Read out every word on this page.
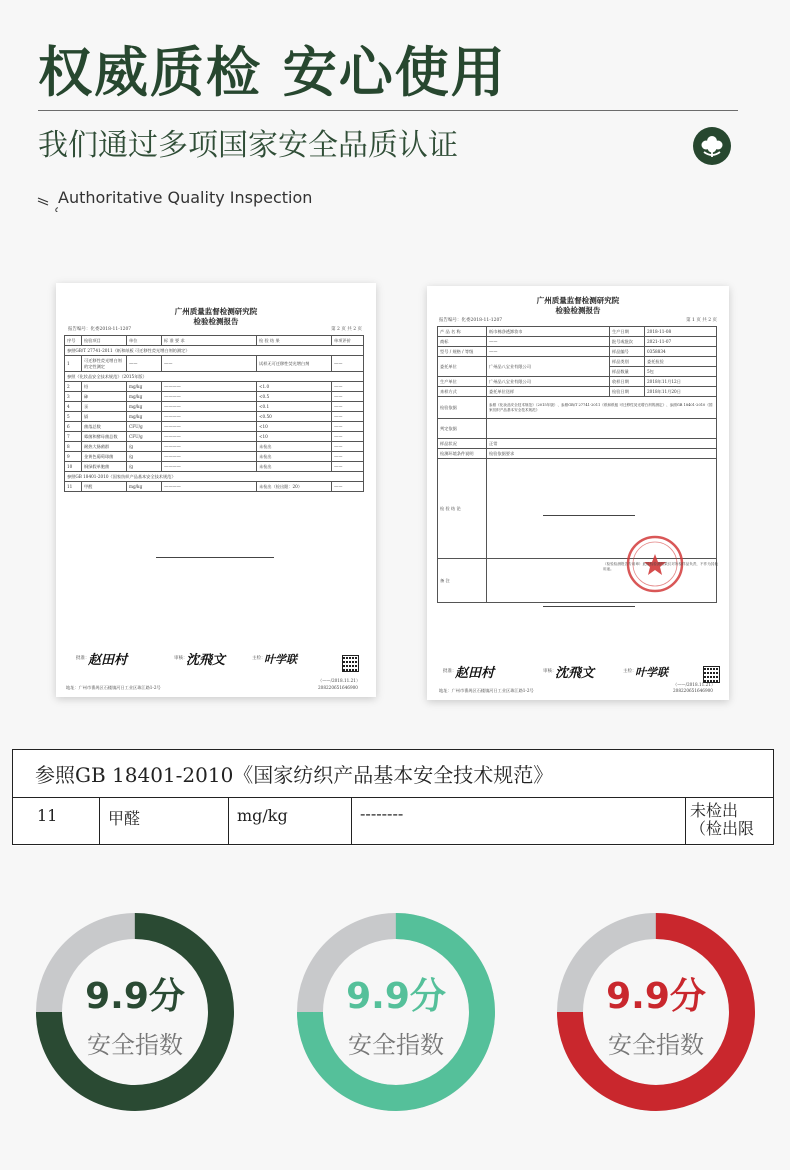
权威质检 安心使用
我们通过多项国家安全品质认证
Authoritative Quality Inspection
广州质量监督检测研究院
检验检测报告
报告编号：化委2018-11-1207	第 2 页 共 2 页
序号	检验项目	单位	标 准 要 求	检 验 结 果	单项评价
参照GB/T 27741-2011《纸和纸板 可迁移性荧光增白剂的测定》					
1	可迁移性荧光增白剂的定性测定	——	——	试样无可迁移性荧光增白剂	——
参照《化妆品安全技术规范》（2015年版）					
2	铅	mg/kg	————	<1.0	——
3	砷	mg/kg	————	<0.5	——
4	汞	mg/kg	————	<0.1	——
5	镉	mg/kg	————	<0.50	——
6	菌落总数	CFU/g	————	<10	——
7	霉菌和酵母菌总数	CFU/g	————	<10	——
8	耐热大肠菌群	/g	————	未检出	——
9	金黄色葡萄球菌	/g	————	未检出	——
10	铜绿假单胞菌	/g	————	未检出	——
参照GB 18401-2010《国家纺织产品基本安全技术规范》					
11	甲醛	mg/kg	————	未检出（检出限：20）	——
批准：
赵田村	审核：
沈飛文	主检：
叶学联
（——/2018.11.21）
地址：广州市番禺区石楼镇河日工业区珠江路1-2号	208220651646900
广州质量监督检测研究院
检验检测报告
报告编号：化委2018-11-1207	第 1 页 共 2 页
产 品 名 称	纸巾棉净透卸妆巾	生产日期	2018-11-08
商标	——	批号或批次	2021-11-07
型号 / 规格 / 等级	——	样品编号	0358834
委托单位	广州品八宝业有限公司	样品类别	委托检验
		样品数量	5包
生产单位	广州品八宝业有限公司	收样日期	2018年11月12日
来样方式	委托单位送样	检验日期	2018年11月20日
检验依据	参照《化妆品安全技术规范》（2015年版）、参照GB/T 27741-2011《纸和纸板 可迁移性荧光增白剂的测定》、参照GB 18401-2010《国家纺织产品基本安全技术规范》		
判定依据			
样品状况	正常		
检测环境条件说明	检验依据要求		
检 验 结 论			
备 注			
（检验检测报告专用章）此检验检测结果仅对所检样品负责，不作为其他用途。
批准：
赵田村	审核：
沈飛文	主检：
叶学联
（——/2018.11.21）
地址：广州市番禺区石楼镇河日工业区珠江路1-2号	208220651646900
参照GB 18401-2010《国家纺织产品基本安全技术规范》
11	甲醛	mg/kg	--------	未检出
（检出限
9.9分
安全指数
9.9分
安全指数
9.9分
安全指数
